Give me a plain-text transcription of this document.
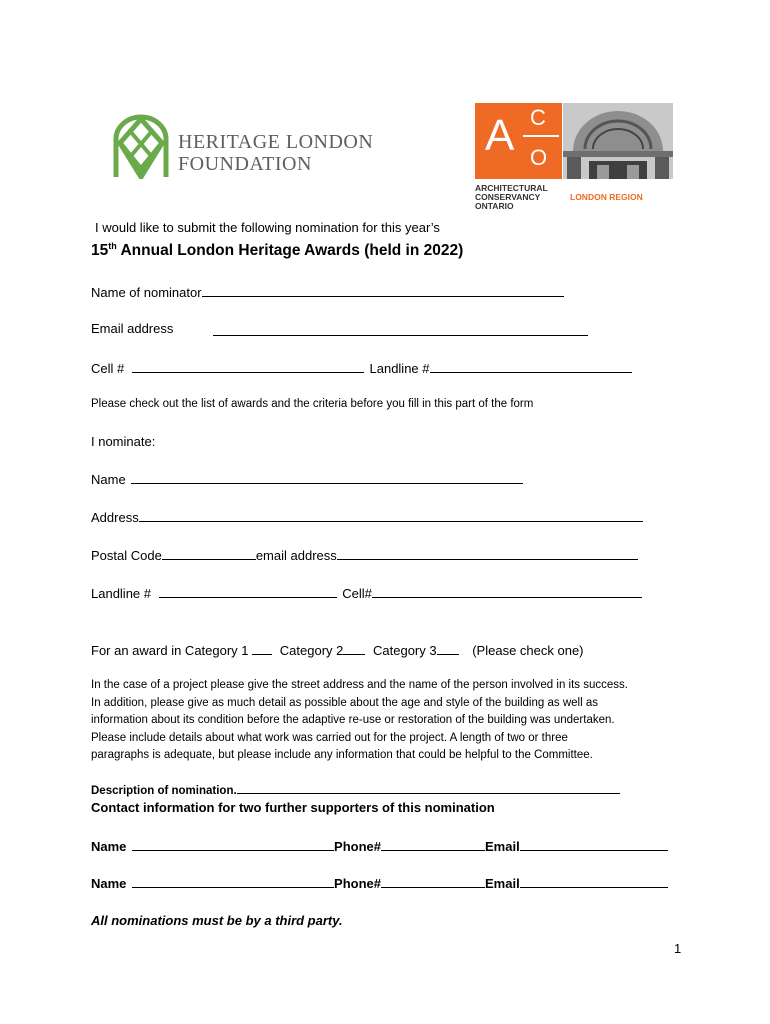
HERITAGE LONDON
FOUNDATION
A C
O
ARCHITECTURAL
CONSERVANCY
ONTARIO
LONDON REGION
I would like to submit the following nomination for this year’s
15th Annual London Heritage Awards (held in 2022)
Name of nominator
Email address
Cell #	Landline #
Please check out the list of awards and the criteria before you fill in this part of the form
I nominate:
Name
Address
Postal Code	email address
Landline #	Cell#
For an award in Category 1 Category 2 Category 3	(Please check one)
In the case of a project please give the street address and the name of the person involved in its success.
In addition, please give as much detail as possible about the age and style of the building as well as
information about its condition before the adaptive re-use or restoration of the building was undertaken.
Please include details about what work was carried out for the project. A length of two or three
paragraphs is adequate, but please include any information that could be helpful to the Committee.
Description of nomination.
Contact information for two further supporters of this nomination
Name	Phone#	Email
Name	Phone#	Email
All nominations must be by a third party.
1
